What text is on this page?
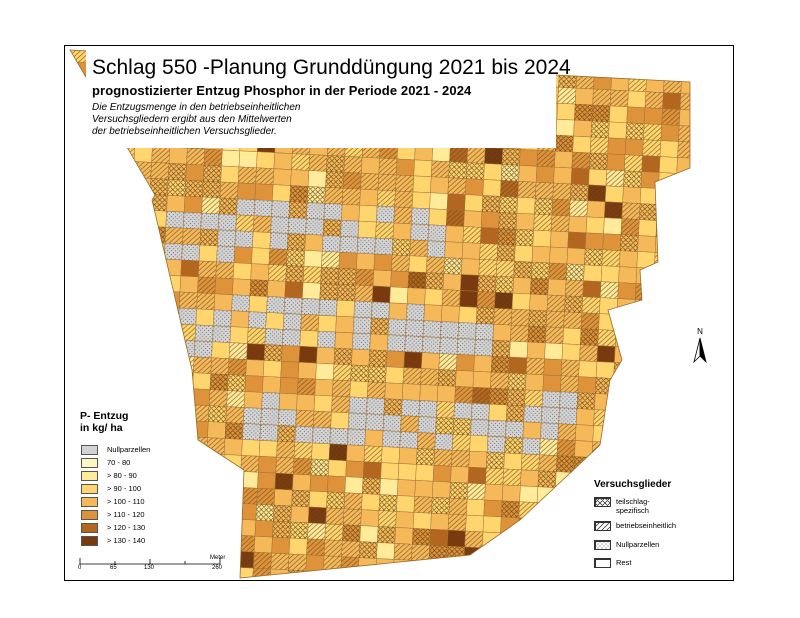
Schlag 550 -Planung Grunddüngung 2021 bis 2024
prognostizierter Entzug Phosphor in der Periode 2021 - 2024
Die Entzugsmenge in den betriebseinheitlichen
Versuchsgliedern ergibt aus den Mittelwerten
der betriebseinheitlichen Versuchsglieder.
N
P- Entzug
in kg/ ha
Nullparzellen
70 - 80
> 80 - 90
> 90 - 100
> 100 - 110
> 110 - 120
> 120 - 130
> 130 - 140
Versuchsglieder
teilschlag-
spezifisch
betriebseinheitlich
Nullparzellen
Rest
0	65	130	260
Meter
